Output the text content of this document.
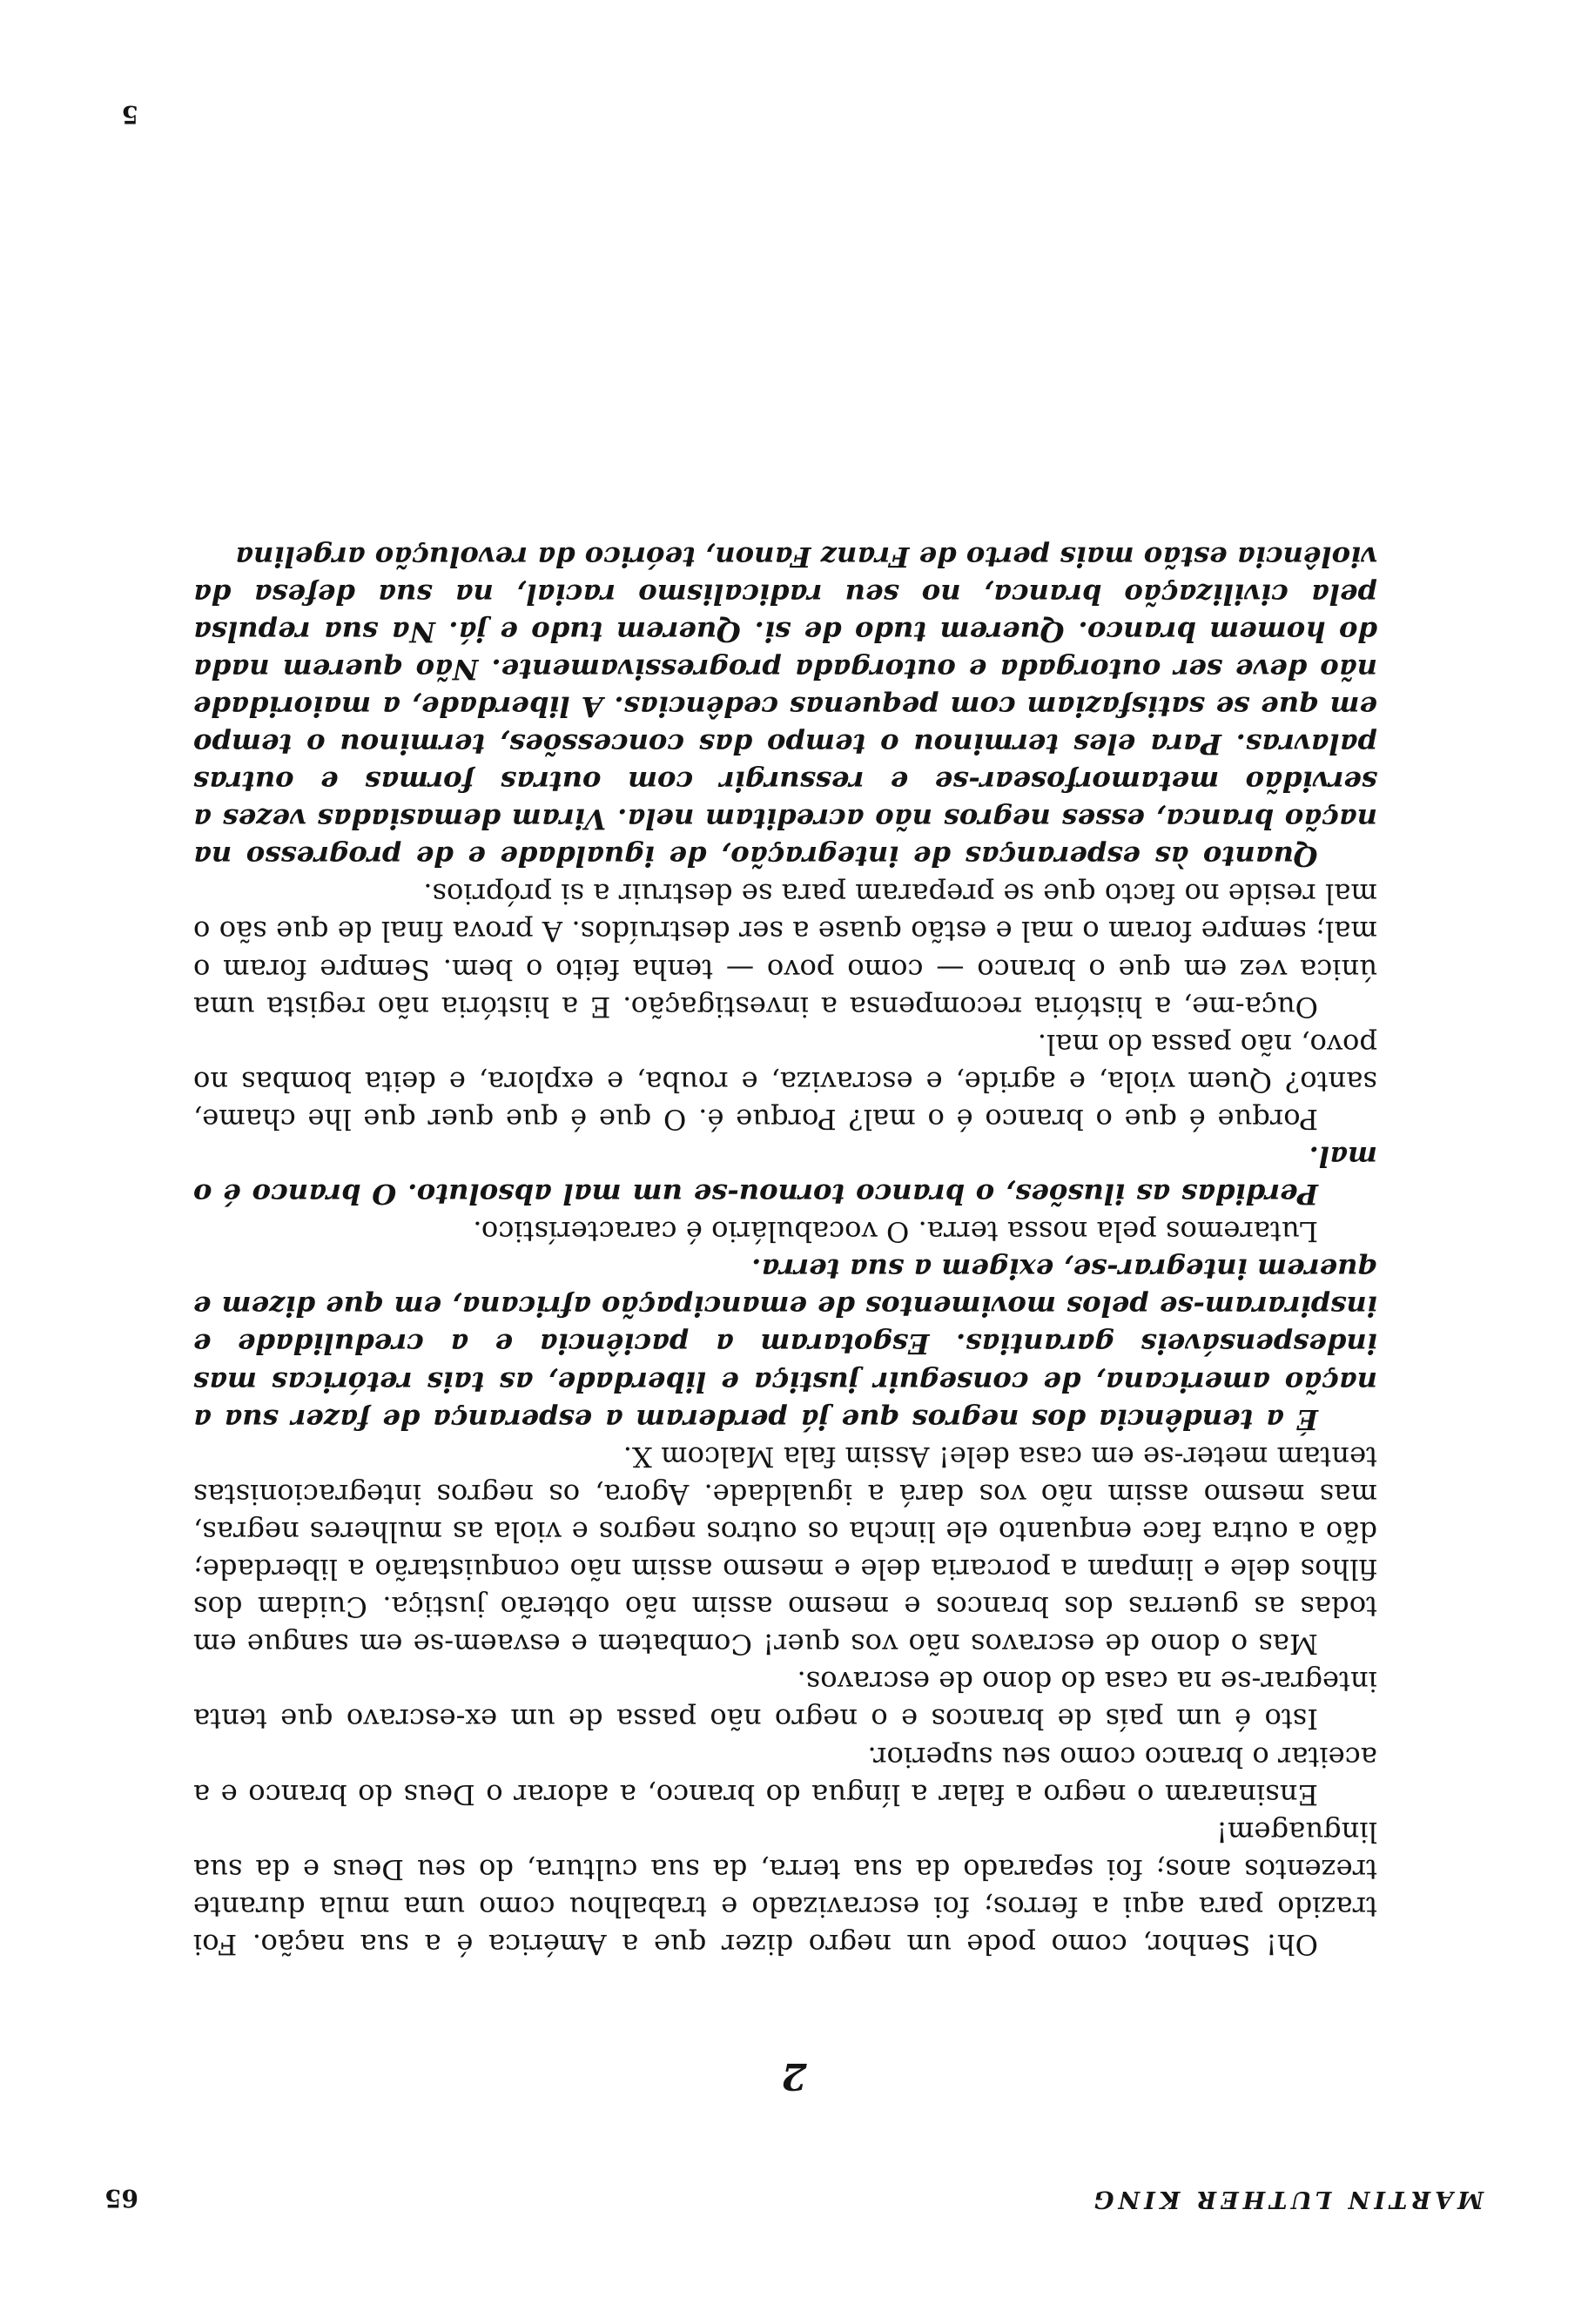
MARTIN LUTHER KING
65
2

Oh! Senhor, como pode um negro dizer que a América é a sua nação. Foi trazido para aqui a ferros; foi escravizado e trabalhou como uma mula durante trezentos anos; foi separado da sua terra, da sua cultura, do seu Deus e da sua linguagem!

Ensinaram o negro a falar a língua do branco, a adorar o Deus do branco e a aceitar o branco como seu superior.

Isto é um país de brancos e o negro não passa de um ex-escravo que tenta integrar-se na casa do dono de escravos.

Mas o dono de escravos não vos quer! Combatem e esvaem-se em sangue em todas as guerras dos brancos e mesmo assim não obterão justiça. Cuidam dos filhos dele e limpam a porcaria dele e mesmo assim não conquistarão a liberdade; dão a outra face enquanto ele lincha os outros negros e viola as mulheres negras, mas mesmo assim não vos dará a igualdade. Agora, os negros integracionistas tentam meter-se em casa dele! Assim fala Malcom X.

É a tendência dos negros que já perderam a esperança de fazer sua a nação americana, de conseguir justiça e liberdade, as tais retóricas mas indespensáveis garantias. Esgotaram a paciência e a credulidade e inspiraram-se pelos movimentos de emancipação africana, em que dizem e querem integrar-se, exigem a sua terra.

Lutaremos pela nossa terra. O vocabulário é característico.

Perdidas as ilusões, o branco tornou-se um mal absoluto. O branco é o mal.

Porque é que o branco é o mal? Porque é. O que é que quer que lhe chame, santo? Quem viola, e agride, e escraviza, e rouba, e explora, e deita bombas no povo, não passa do mal.

Ouça-me, a história recompensa a investigação. E a história não regista uma única vez em que o branco — como povo — tenha feito o bem. Sempre foram o mal; sempre foram o mal e estão quase a ser destruídos. A prova final de que são o mal reside no facto que se preparam para se destruir a si próprios.

Quanto às esperanças de integração, de igualdade e de progresso na nação branca, esses negros não acreditam nela. Viram demasiadas vezes a servidão metamorfosear-se e ressurgir com outras formas e outras palavras. Para eles terminou o tempo das concessões, terminou o tempo em que se satisfaziam com pequenas cedências. A liberdade, a maioridade não deve ser outorgada e outorgada progressivamente. Não querem nada do homem branco. Querem tudo de si. Querem tudo e já. Na sua repulsa pela civilização branca, no seu radicalismo racial, na sua defesa da violência estão mais perto de Franz Fanon, teórico da revolução argelina

5
